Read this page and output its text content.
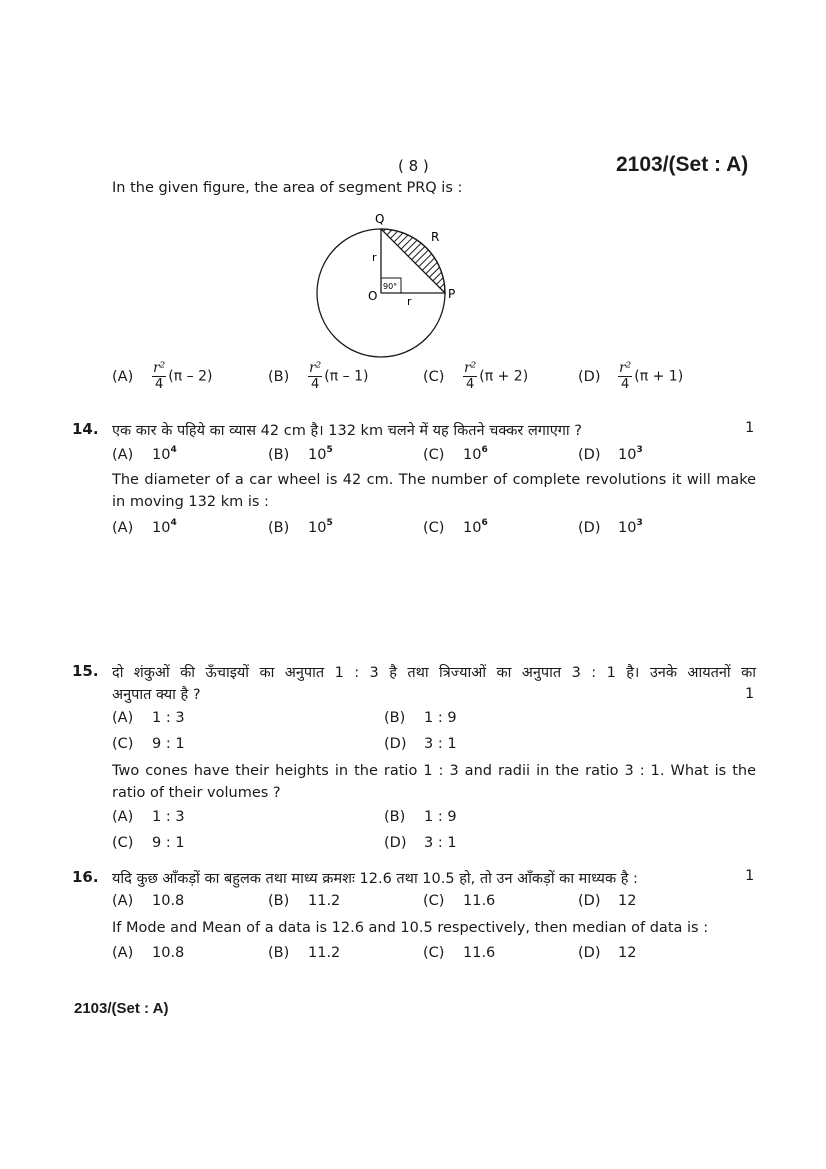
( 8 )	2103/(Set : A)
In the given figure, the area of segment PRQ is :
90°
Q
R
O	P
r
r
$(A) \frac{\text{r²}}{4} (\pi - 2)$	$(B) \frac{\text{r²}}{4} (\pi - 1)$	$(C) \frac{\text{r²}}{4} (\pi + 2)$	$(D) \frac{\text{r²}}{4} (\pi + 1)$
14. एक कार के पहिये का व्यास 42 cm है। 132 km चलने में यह कितने चक्कर लगाएगा ?	1
(A) $10^4$	(B) $10^5$	(C) $10^6$	(D) $10^3$
The diameter of a car wheel is 42 cm. The number of complete revolutions it will make in moving 132 km is :
(A) $10^4$	(B) $10^5$	(C) $10^6$	(D) $10^3$
15. दो शंकुओं की ऊँचाइयों का अनुपात 1 : 3 है तथा त्रिज्याओं का अनुपात 3 : 1 है। उनके आयतनों का
अनुपात क्या है ?	1
(A) 1 : 3	(B) 1 : 9
(C) 9 : 1	(D) 3 : 1
Two cones have their heights in the ratio 1 : 3 and radii in the ratio 3 : 1. What is the ratio of their volumes ?
(A) 1 : 3	(B) 1 : 9
(C) 9 : 1	(D) 3 : 1
16. यदि कुछ आँकड़ों का बहुलक तथा माध्य क्रमशः 12.6 तथा 10.5 हो, तो उन आँकड़ों का माध्यक है :	1
(A) 10.8	(B) 11.2	(C) 11.6	(D) 12
If Mode and Mean of a data is 12.6 and 10.5 respectively, then median of data is :
(A) 10.8	(B) 11.2	(C) 11.6	(D) 12
2103/(Set : A)
